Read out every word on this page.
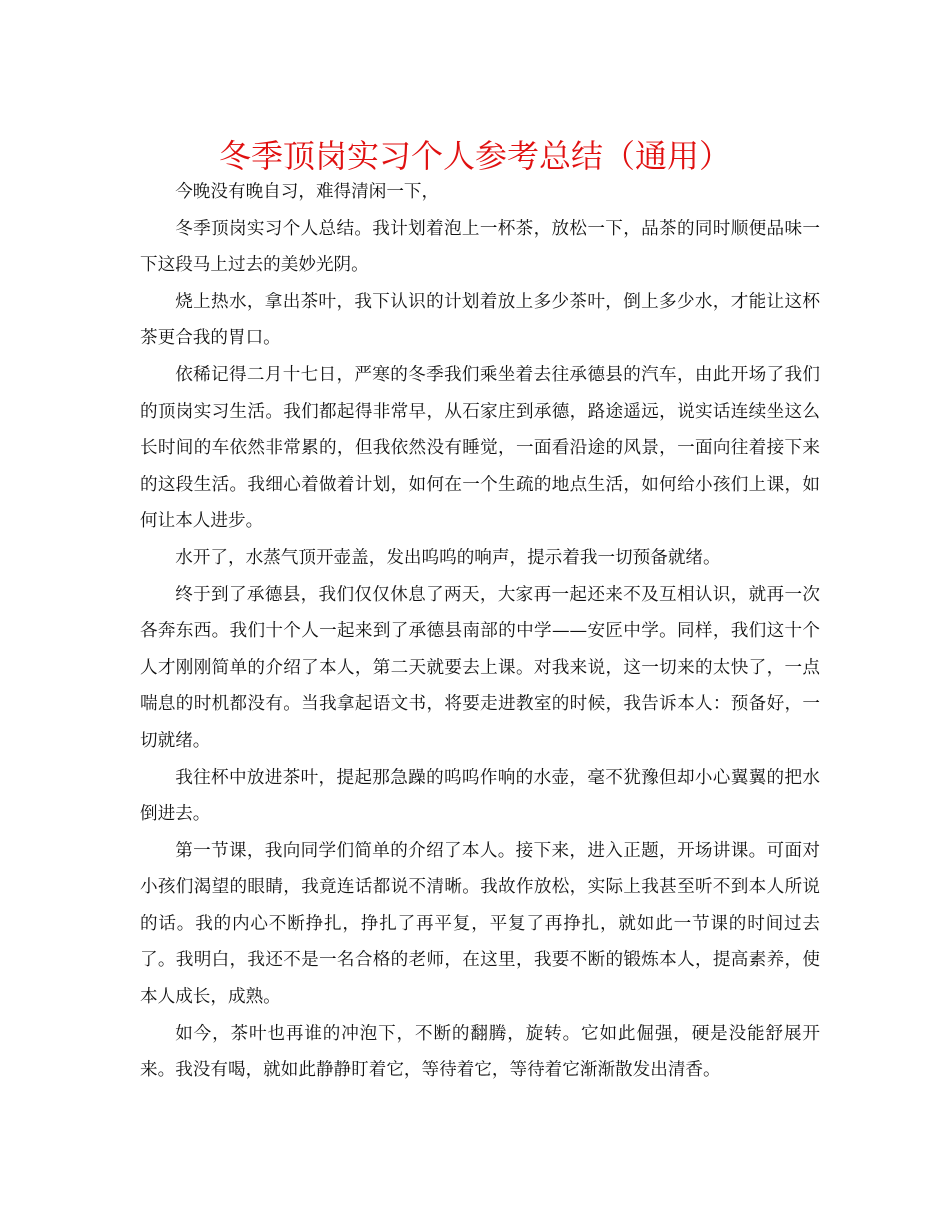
冬季顶岗实习个人参考总结（通用）

今晚没有晚自习，难得清闲一下，

冬季顶岗实习个人总结。我计划着泡上一杯茶，放松一下，品茶的同时顺便品味一下这段马上过去的美妙光阴。

烧上热水，拿出茶叶，我下认识的计划着放上多少茶叶，倒上多少水，才能让这杯茶更合我的胃口。

依稀记得二月十七日，严寒的冬季我们乘坐着去往承德县的汽车，由此开场了我们的顶岗实习生活。我们都起得非常早，从石家庄到承德，路途遥远，说实话连续坐这么长时间的车依然非常累的，但我依然没有睡觉，一面看沿途的风景，一面向往着接下来的这段生活。我细心着做着计划，如何在一个生疏的地点生活，如何给小孩们上课，如何让本人进步。

水开了，水蒸气顶开壶盖，发出呜呜的响声，提示着我一切预备就绪。

终于到了承德县，我们仅仅休息了两天，大家再一起还来不及互相认识，就再一次各奔东西。我们十个人一起来到了承德县南部的中学——安匠中学。同样，我们这十个人才刚刚简单的介绍了本人，第二天就要去上课。对我来说，这一切来的太快了，一点喘息的时机都没有。当我拿起语文书，将要走进教室的时候，我告诉本人：预备好，一切就绪。

我往杯中放进茶叶，提起那急躁的呜呜作响的水壶，毫不犹豫但却小心翼翼的把水倒进去。

第一节课，我向同学们简单的介绍了本人。接下来，进入正题，开场讲课。可面对小孩们渴望的眼睛，我竟连话都说不清晰。我故作放松，实际上我甚至听不到本人所说的话。我的内心不断挣扎，挣扎了再平复，平复了再挣扎，就如此一节课的时间过去了。我明白，我还不是一名合格的老师，在这里，我要不断的锻炼本人，提高素养，使本人成长，成熟。

如今，茶叶也再谁的冲泡下，不断的翻腾，旋转。它如此倔强，硬是没能舒展开来。我没有喝，就如此静静盯着它，等待着它，等待着它渐渐散发出清香。
